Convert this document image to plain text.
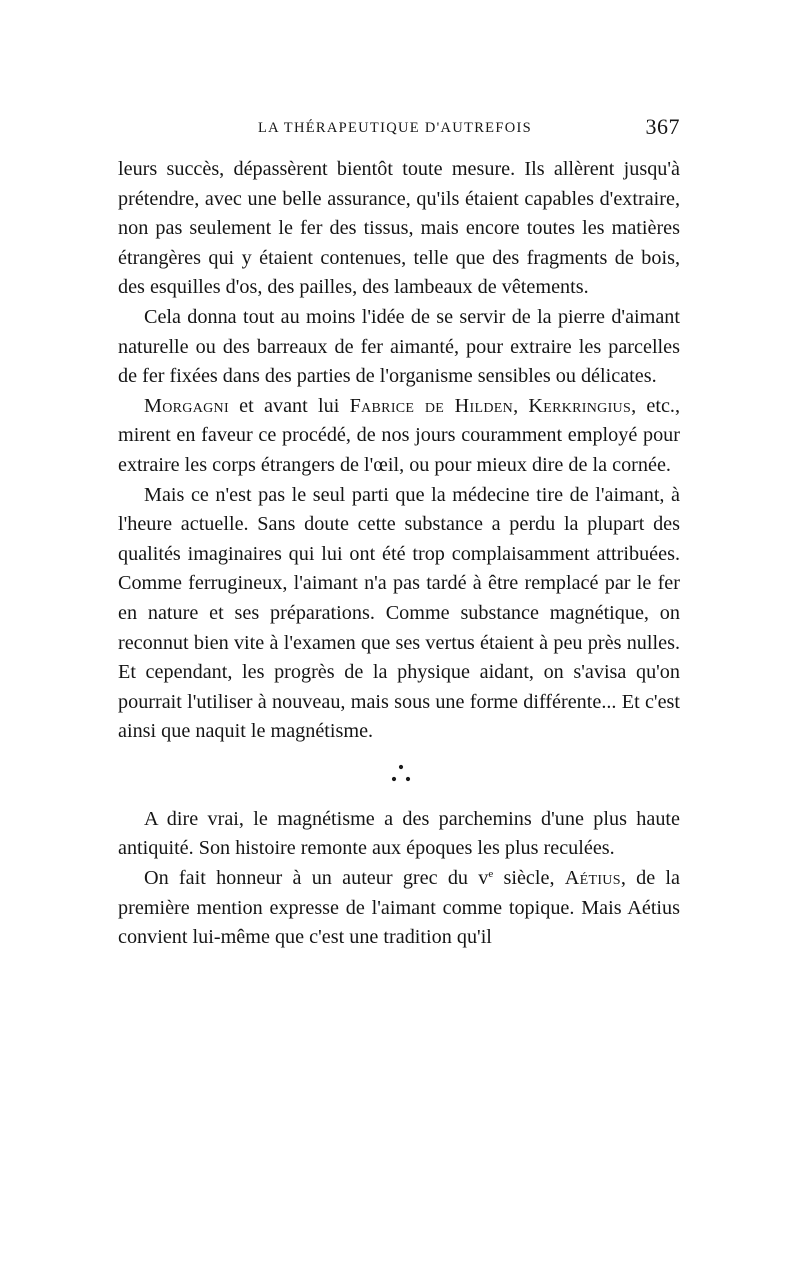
LA THÉRAPEUTIQUE D'AUTREFOIS	367

leurs succès, dépassèrent bientôt toute mesure. Ils allèrent jusqu'à prétendre, avec une belle assurance, qu'ils étaient capables d'extraire, non pas seulement le fer des tissus, mais encore toutes les matières étrangères qui y étaient contenues, telle que des fragments de bois, des esquilles d'os, des pailles, des lambeaux de vêtements.

Cela donna tout au moins l'idée de se servir de la pierre d'aimant naturelle ou des barreaux de fer aimanté, pour extraire les parcelles de fer fixées dans des parties de l'organisme sensibles ou délicates.

Morgagni et avant lui Fabrice de Hilden, Kerkringius, etc., mirent en faveur ce procédé, de nos jours couramment employé pour extraire les corps étrangers de l'œil, ou pour mieux dire de la cornée.

Mais ce n'est pas le seul parti que la médecine tire de l'aimant, à l'heure actuelle. Sans doute cette substance a perdu la plupart des qualités imaginaires qui lui ont été trop complaisamment attribuées. Comme ferrugineux, l'aimant n'a pas tardé à être remplacé par le fer en nature et ses préparations. Comme substance magnétique, on reconnut bien vite à l'examen que ses vertus étaient à peu près nulles. Et cependant, les progrès de la physique aidant, on s'avisa qu'on pourrait l'utiliser à nouveau, mais sous une forme différente... Et c'est ainsi que naquit le magnétisme.

A dire vrai, le magnétisme a des parchemins d'une plus haute antiquité. Son histoire remonte aux époques les plus reculées.

On fait honneur à un auteur grec du $v^e$ siècle, Aétius, de la première mention expresse de l'aimant comme topique. Mais Aétius convient lui-même que c'est une tradition qu'il
